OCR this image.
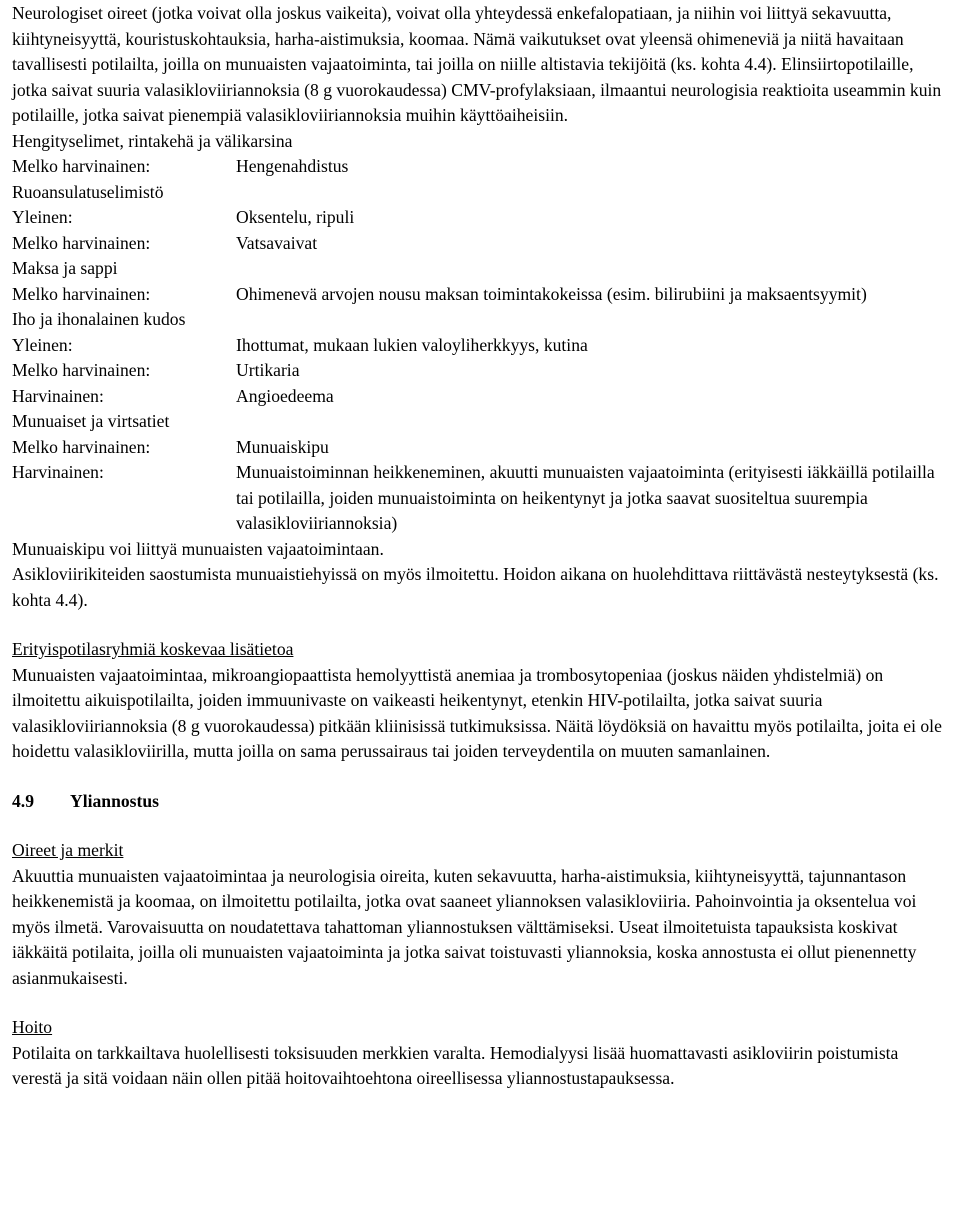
Neurologiset oireet (jotka voivat olla joskus vaikeita), voivat olla yhteydessä enkefalopatiaan, ja niihin voi liittyä sekavuutta, kiihtyneisyyttä, kouristuskohtauksia, harha-aistimuksia, koomaa. Nämä vaikutukset ovat yleensä ohimeneviä ja niitä havaitaan tavallisesti potilailta, joilla on munuaisten vajaatoiminta, tai joilla on niille altistavia tekijöitä (ks. kohta 4.4). Elinsiirtopotilaille, jotka saivat suuria valasikloviiriannoksia (8 g vuorokaudessa) CMV-profylaksiaan, ilmaantui neurologisia reaktioita useammin kuin potilaille, jotka saivat pienempiä valasikloviiriannoksia muihin käyttöaiheisiin.

Hengityselimet, rintakehä ja välikarsina

Melko harvinainen:	Hengenahdistus

Ruoansulatuselimistö

Yleinen:	Oksentelu, ripuli
Melko harvinainen:	Vatsavaivat

Maksa ja sappi

Melko harvinainen:	Ohimenevä arvojen nousu maksan toimintakokeissa (esim. bilirubiini ja maksaentsyymit)

Iho ja ihonalainen kudos

Yleinen:	Ihottumat, mukaan lukien valoyliherkkyys, kutina
Melko harvinainen:	Urtikaria
Harvinainen:	Angioedeema

Munuaiset ja virtsatiet

Melko harvinainen:	Munuaiskipu
Harvinainen:	Munuaistoiminnan heikkeneminen, akuutti munuaisten vajaatoiminta (erityisesti iäkkäillä potilailla tai potilailla, joiden munuaistoiminta on heikentynyt ja jotka saavat suositeltua suurempia valasikloviiriannoksia)

Munuaiskipu voi liittyä munuaisten vajaatoimintaan.

Asikloviirikiteiden saostumista munuaistiehyissä on myös ilmoitettu. Hoidon aikana on huolehdittava riittävästä nesteytyksestä (ks. kohta 4.4).

Erityispotilasryhmiä koskevaa lisätietoa

Munuaisten vajaatoimintaa, mikroangiopaattista hemolyyttistä anemiaa ja trombosytopeniaa (joskus näiden yhdistelmiä) on ilmoitettu aikuispotilailta, joiden immuunivaste on vaikeasti heikentynyt, etenkin HIV-potilailta, jotka saivat suuria valasikloviiriannoksia (8 g vuorokaudessa) pitkään kliinisissä tutkimuksissa. Näitä löydöksiä on havaittu myös potilailta, joita ei ole hoidettu valasikloviirilla, mutta joilla on sama perussairaus tai joiden terveydentila on muuten samanlainen.

4.9 Yliannostus

Oireet ja merkit

Akuuttia munuaisten vajaatoimintaa ja neurologisia oireita, kuten sekavuutta, harha-aistimuksia, kiihtyneisyyttä, tajunnantason heikkenemistä ja koomaa, on ilmoitettu potilailta, jotka ovat saaneet yliannoksen valasikloviiria. Pahoinvointia ja oksentelua voi myös ilmetä. Varovaisuutta on noudatettava tahattoman yliannostuksen välttämiseksi. Useat ilmoitetuista tapauksista koskivat iäkkäitä potilaita, joilla oli munuaisten vajaatoiminta ja jotka saivat toistuvasti yliannoksia, koska annostusta ei ollut pienennetty asianmukaisesti.

Hoito

Potilaita on tarkkailtava huolellisesti toksisuuden merkkien varalta. Hemodialyysi lisää huomattavasti asikloviirin poistumista verestä ja sitä voidaan näin ollen pitää hoitovaihtoehtona oireellisessa yliannostustapauksessa.
